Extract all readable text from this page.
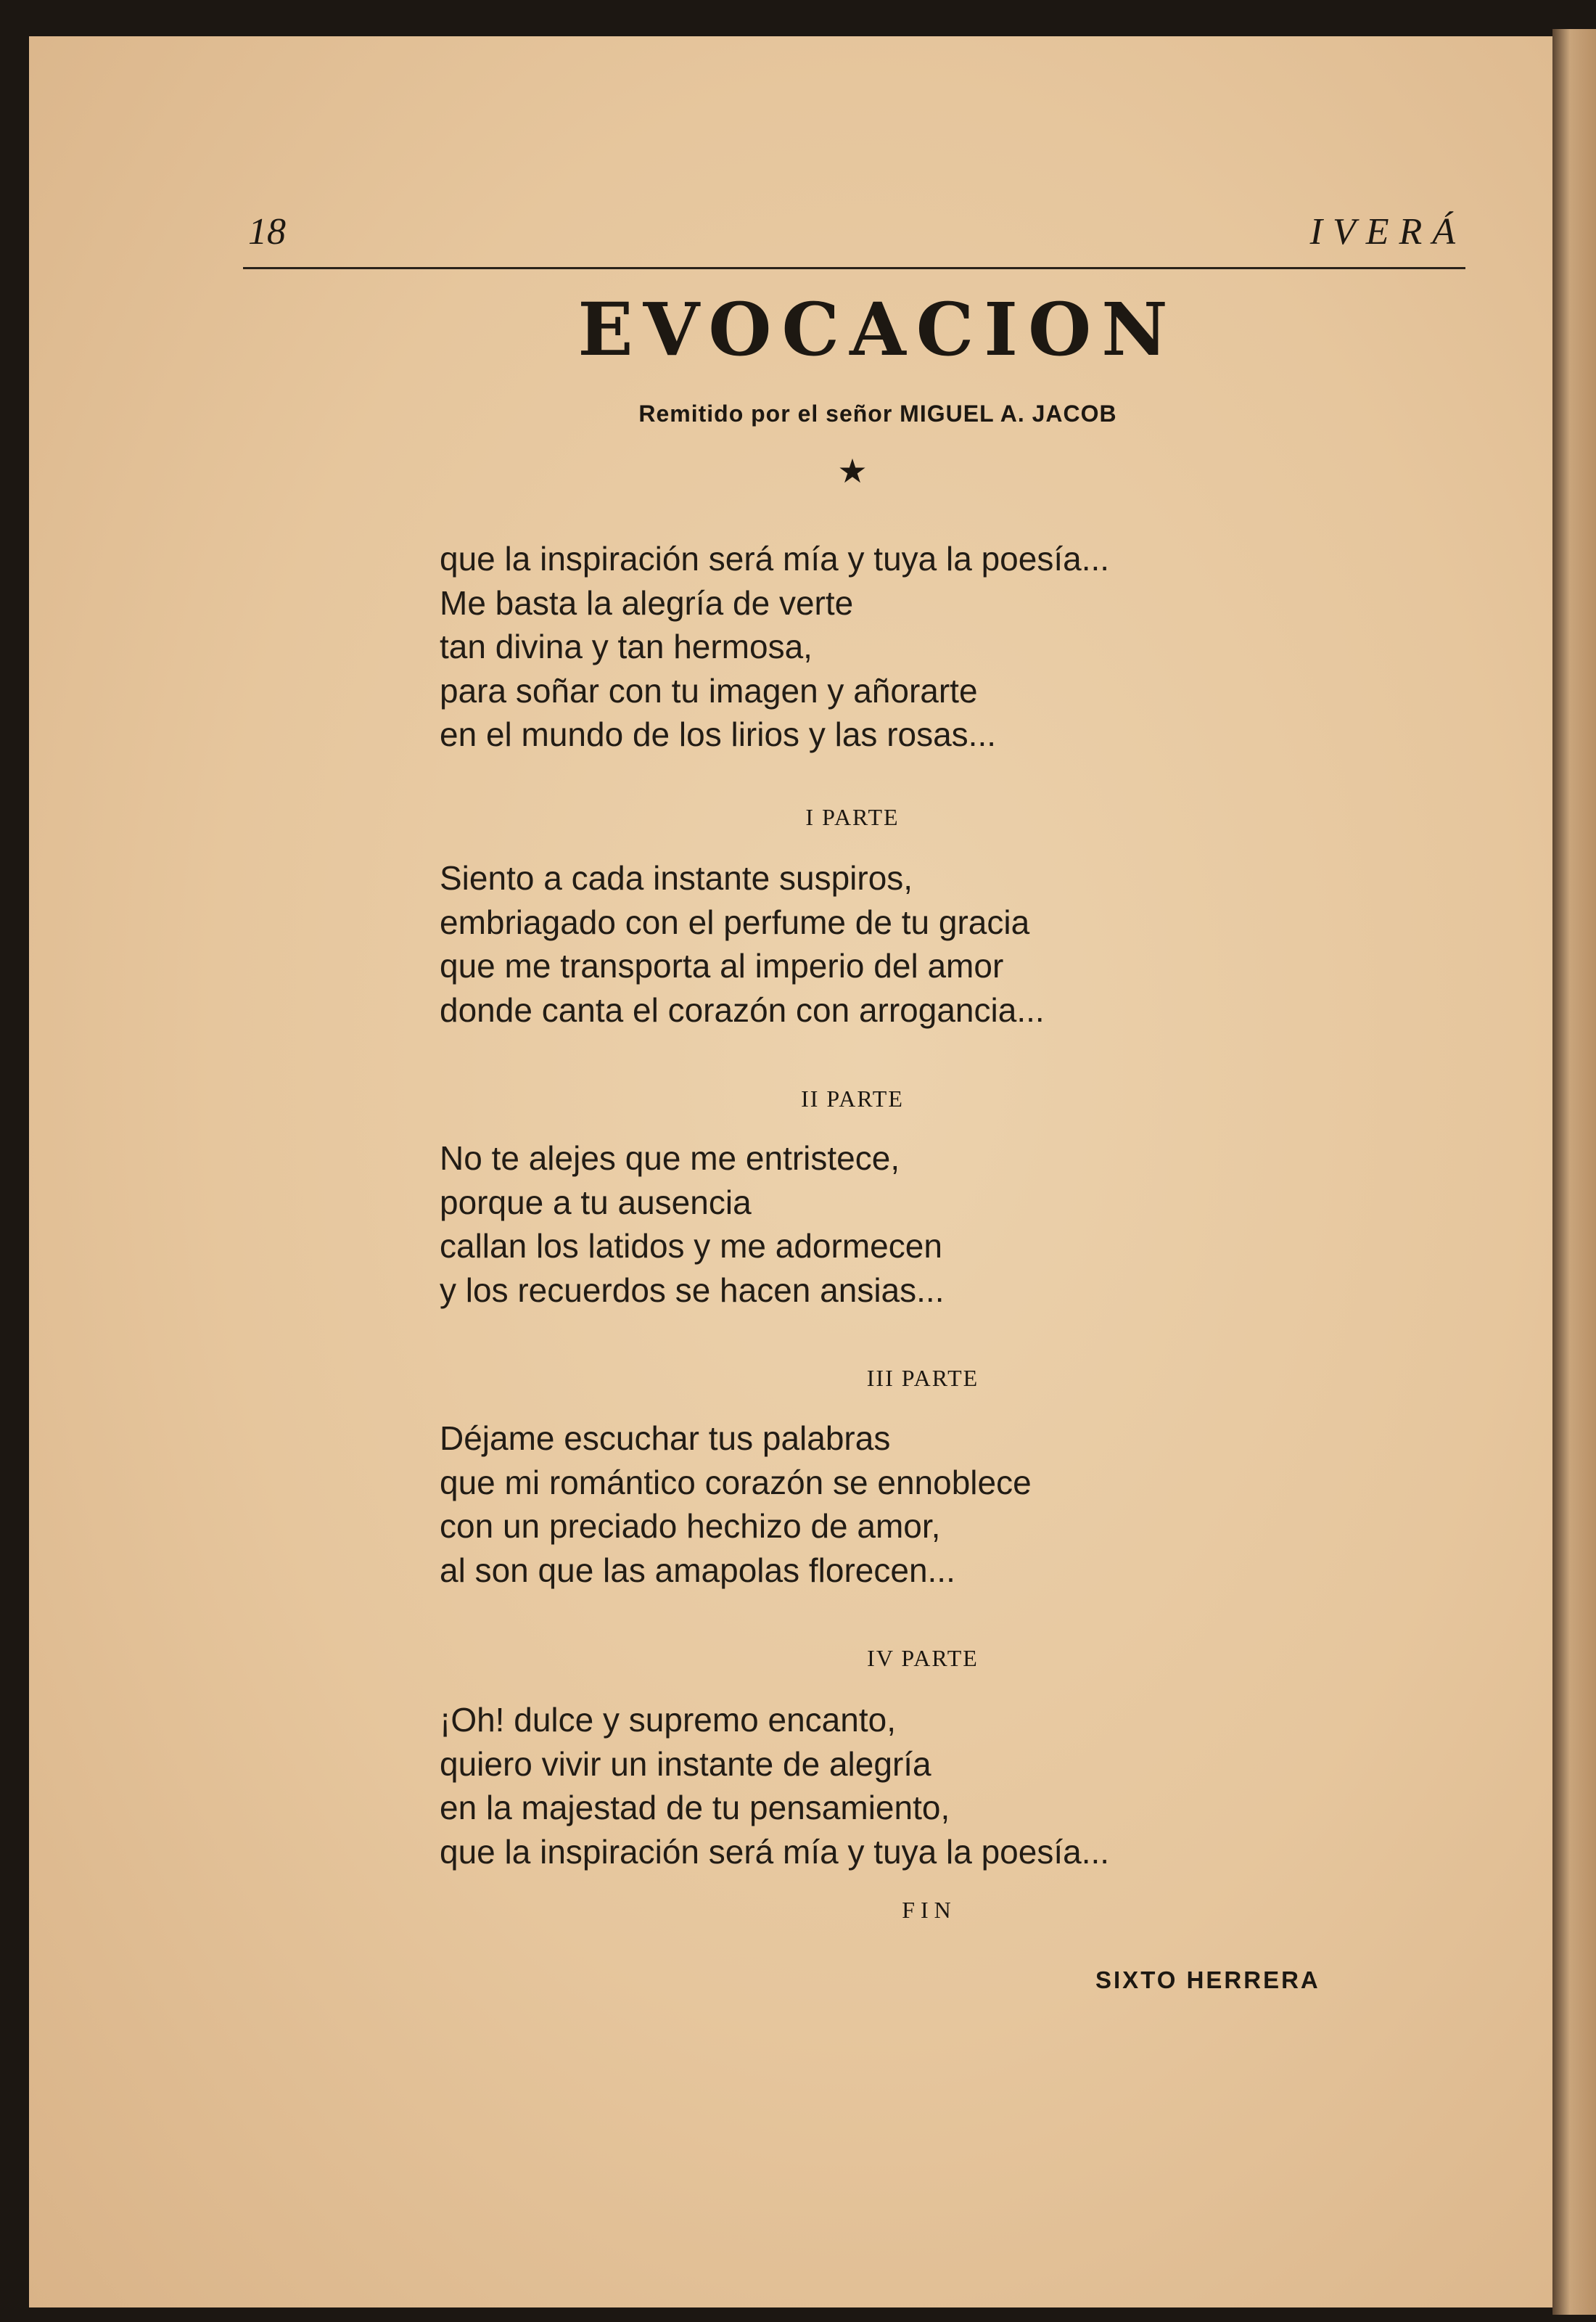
18	IVERÁ
EVOCACION
Remitido por el señor MIGUEL A. JACOB
★
que la inspiración será mía y tuya la poesía...
Me basta la alegría de verte
tan divina y tan hermosa,
para soñar con tu imagen y añorarte
en el mundo de los lirios y las rosas...
I PARTE
Siento a cada instante suspiros,
embriagado con el perfume de tu gracia
que me transporta al imperio del amor
donde canta el corazón con arrogancia...
II PARTE
No te alejes que me entristece,
porque a tu ausencia
callan los latidos y me adormecen
y los recuerdos se hacen ansias...
III PARTE
Déjame escuchar tus palabras
que mi romántico corazón se ennoblece
con un preciado hechizo de amor,
al son que las amapolas florecen...
IV PARTE
¡Oh! dulce y supremo encanto,
quiero vivir un instante de alegría
en la majestad de tu pensamiento,
que la inspiración será mía y tuya la poesía...
FIN
SIXTO HERRERA
